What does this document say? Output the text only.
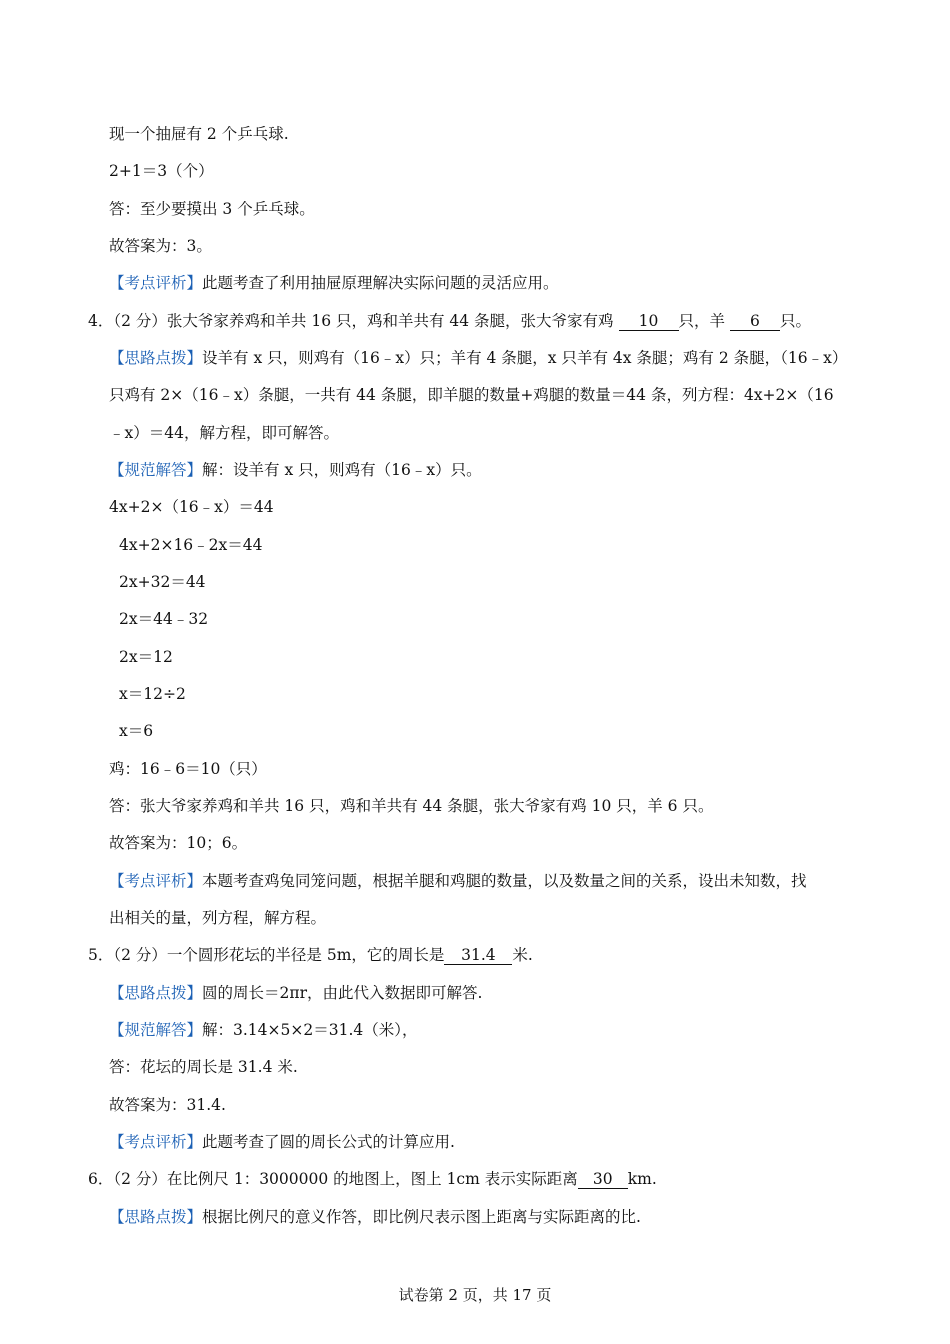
现一个抽屉有 2 个乒乓球.
2+1＝3（个）
答：至少要摸出 3 个乒乓球。
故答案为：3。
【考点评析】此题考查了利用抽屉原理解决实际问题的灵活应用。
4．（2 分）张大爷家养鸡和羊共 16 只，鸡和羊共有 44 条腿，张大爷家有鸡 10 只，羊 6 只。
【思路点拨】设羊有 x 只，则鸡有（16﹣x）只；羊有 4 条腿，x 只羊有 4x 条腿；鸡有 2 条腿，（16﹣x）
只鸡有 2×（16﹣x）条腿，一共有 44 条腿，即羊腿的数量+鸡腿的数量＝44 条，列方程：4x+2×（16
﹣x）＝44，解方程，即可解答。
【规范解答】解：设羊有 x 只，则鸡有（16﹣x）只。
4x+2×（16﹣x）＝44
4x+2×16﹣2x＝44
2x+32＝44
2x＝44﹣32
2x＝12
x＝12÷2
x＝6
鸡：16﹣6＝10（只）
答：张大爷家养鸡和羊共 16 只，鸡和羊共有 44 条腿，张大爷家有鸡 10 只，羊 6 只。
故答案为：10；6。
【考点评析】本题考查鸡兔同笼问题，根据羊腿和鸡腿的数量，以及数量之间的关系，设出未知数，找
出相关的量，列方程，解方程。
5．（2 分）一个圆形花坛的半径是 5m，它的周长是 31.4 米.
【思路点拨】圆的周长＝2πr，由此代入数据即可解答.
【规范解答】解：3.14×5×2＝31.4（米），
答：花坛的周长是 31.4 米.
故答案为：31.4.
【考点评析】此题考查了圆的周长公式的计算应用.
6．（2 分）在比例尺 1：3000000 的地图上，图上 1cm 表示实际距离 30 km.
【思路点拨】根据比例尺的意义作答，即比例尺表示图上距离与实际距离的比.
试卷第 2 页，共 17 页
